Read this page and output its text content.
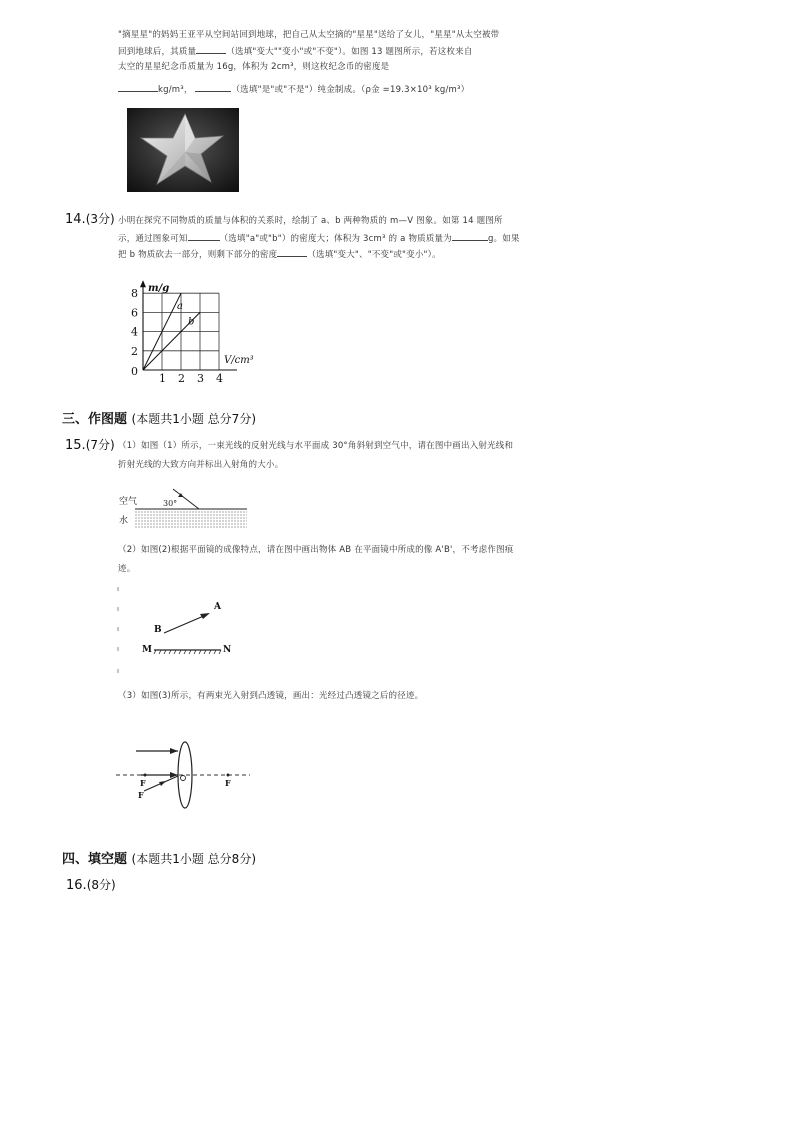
"摘星星"的妈妈王亚平从空间站回到地球，把自己从太空摘的"星星"送给了女儿，"星星"从太空被带
回到地球后，其质量	（选填"变大""变小"或"不变"）。如图 13 题图所示，若这枚来自
太空的星星纪念币质量为 16g，体积为 2cm³，则这枚纪念币的密度是
kg/m³，	（选填"是"或"不是"）纯金制成。（ρ金 =19.3×10³ kg/m³）
14.(3分) 小明在探究不同物质的质量与体积的关系时，绘制了 a、b 两种物质的 m—V 图象。如第 14 题图所
示，通过图象可知	（选填"a"或"b"）的密度大；体积为 3cm³ 的 a 物质质量为	g。如果
把 b 物质砍去一部分，则剩下部分的密度	（选填"变大"、"不变"或"变小"）。
1 2 3 4
2
4
6
8
0
m/g
V/cm³
a
b
三、作图题 (本题共1小题 总分7分)
15.(7分) （1）如图（1）所示，一束光线的反射光线与水平面成 30°角斜射到空气中，请在图中画出入射光线和
折射光线的大致方向并标出入射角的大小。
空气
水
30°
（2）如图(2)根据平面镜的成像特点，请在图中画出物体 AB 在平面镜中所成的像 A'B'，不考虑作图痕
迹。
A
B
M	N
（3）如图(3)所示，有两束光入射到凸透镜，画出：光经过凸透镜之后的径迹。
F	F
F
四、填空题 (本题共1小题 总分8分)
16.(8分)
